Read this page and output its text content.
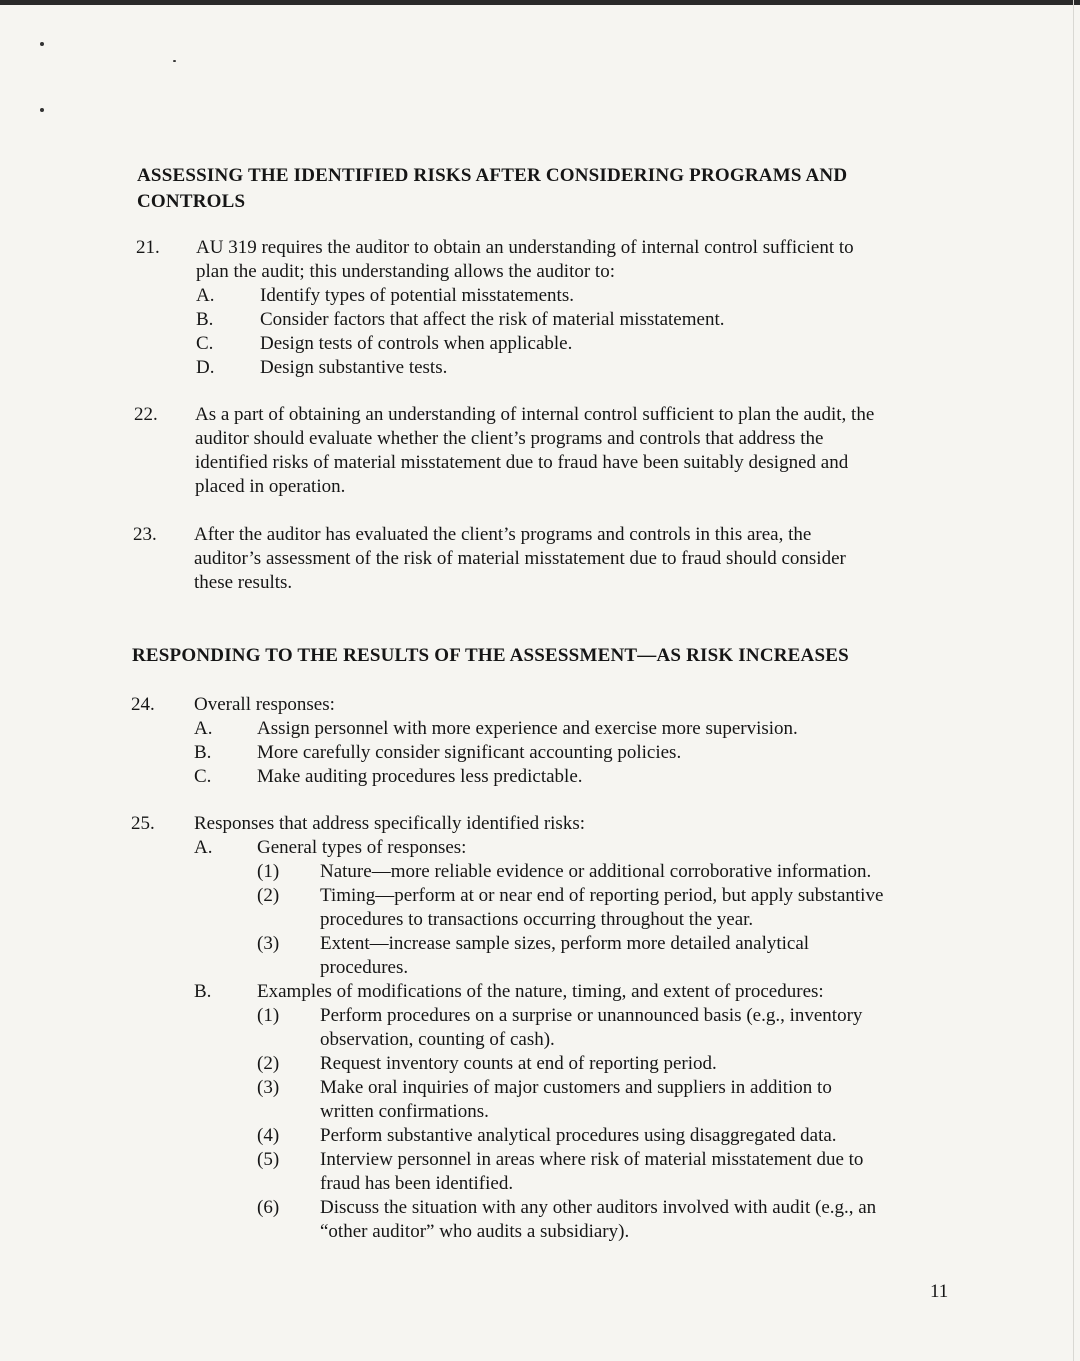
ASSESSING THE IDENTIFIED RISKS AFTER CONSIDERING PROGRAMS AND
CONTROLS
21. AU 319 requires the auditor to obtain an understanding of internal control sufficient to
plan the audit; this understanding allows the auditor to:
A. Identify types of potential misstatements.
B. Consider factors that affect the risk of material misstatement.
C. Design tests of controls when applicable.
D. Design substantive tests.
22. As a part of obtaining an understanding of internal control sufficient to plan the audit, the
auditor should evaluate whether the client’s programs and controls that address the
identified risks of material misstatement due to fraud have been suitably designed and
placed in operation.
23. After the auditor has evaluated the client’s programs and controls in this area, the
auditor’s assessment of the risk of material misstatement due to fraud should consider
these results.
RESPONDING TO THE RESULTS OF THE ASSESSMENT—AS RISK INCREASES
24. Overall responses:
A. Assign personnel with more experience and exercise more supervision.
B. More carefully consider significant accounting policies.
C. Make auditing procedures less predictable.
25. Responses that address specifically identified risks:
A. General types of responses:
(1) Nature—more reliable evidence or additional corroborative information.
(2) Timing—perform at or near end of reporting period, but apply substantive
procedures to transactions occurring throughout the year.
(3) Extent—increase sample sizes, perform more detailed analytical
procedures.
B. Examples of modifications of the nature, timing, and extent of procedures:
(1) Perform procedures on a surprise or unannounced basis (e.g., inventory
observation, counting of cash).
(2) Request inventory counts at end of reporting period.
(3) Make oral inquiries of major customers and suppliers in addition to
written confirmations.
(4) Perform substantive analytical procedures using disaggregated data.
(5) Interview personnel in areas where risk of material misstatement due to
fraud has been identified.
(6) Discuss the situation with any other auditors involved with audit (e.g., an
“other auditor” who audits a subsidiary).
11
